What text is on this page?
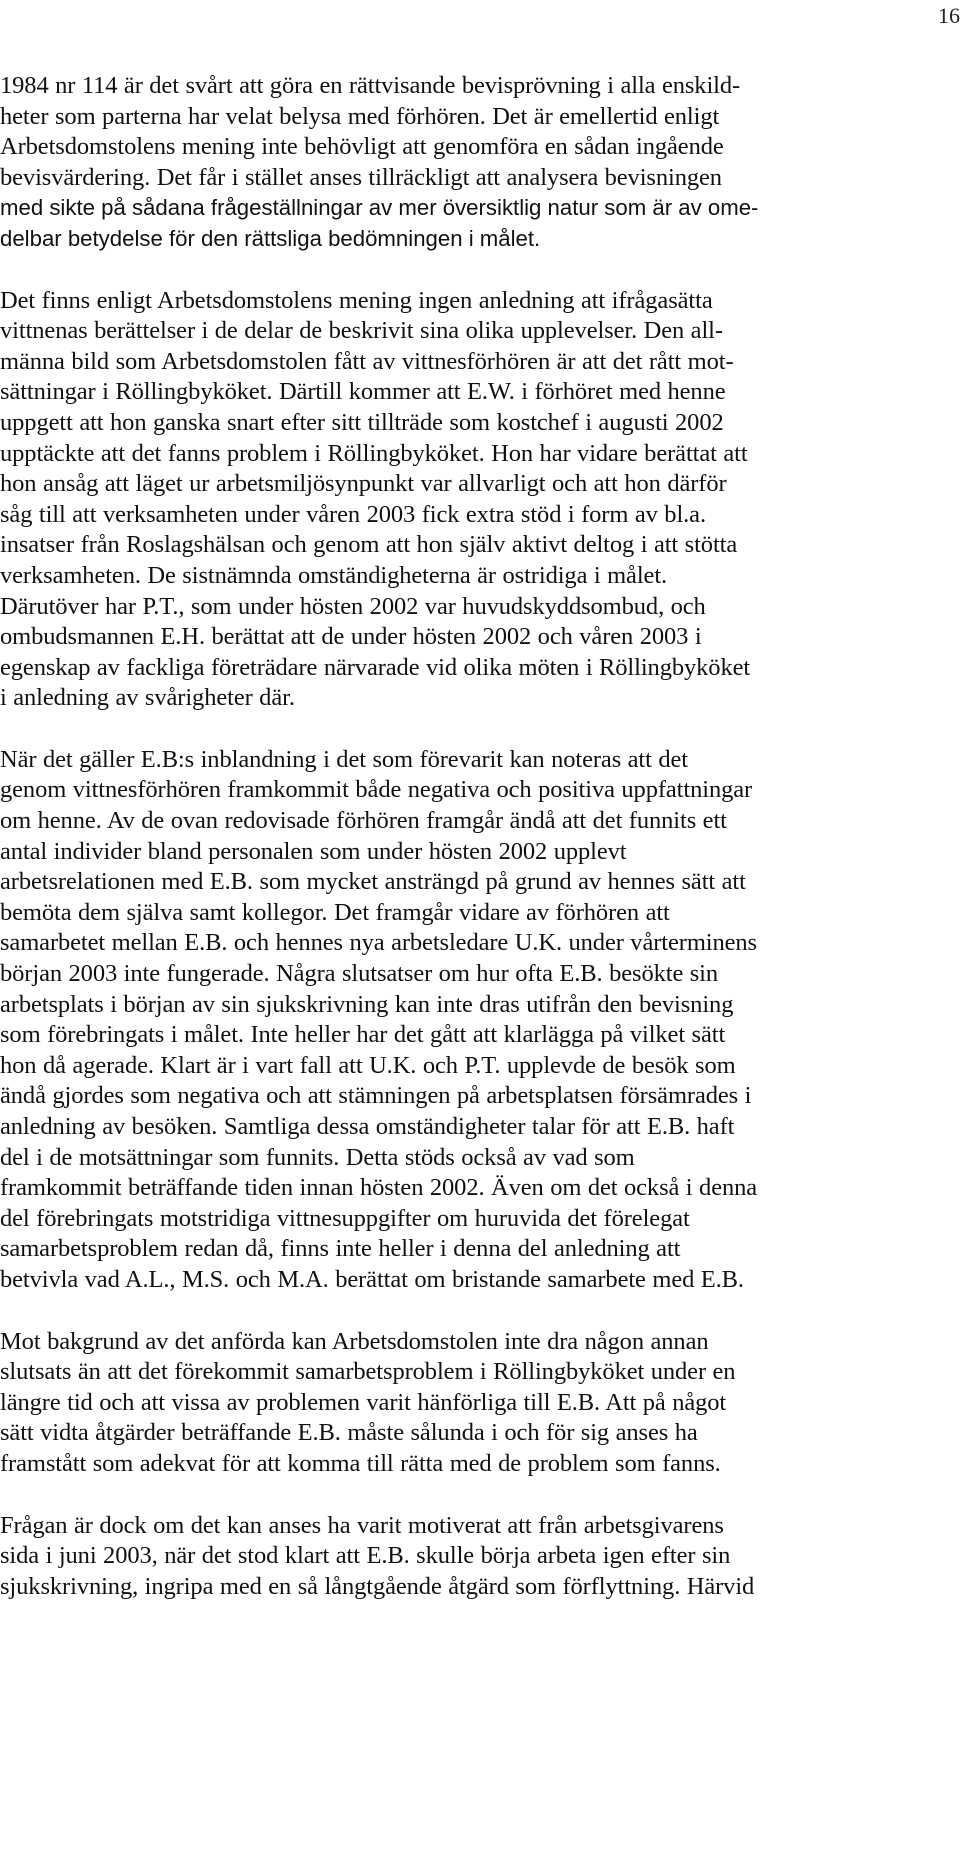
16

1984 nr 114 är det svårt att göra en rättvisande bevisprövning i alla enskild-
heter som parterna har velat belysa med förhören. Det är emellertid enligt
Arbetsdomstolens mening inte behövligt att genomföra en sådan ingående
bevisvärdering. Det får i stället anses tillräckligt att analysera bevisningen
med sikte på sådana frågeställningar av mer översiktlig natur som är av ome-
delbar betydelse för den rättsliga bedömningen i målet.

Det finns enligt Arbetsdomstolens mening ingen anledning att ifrågasätta
vittnenas berättelser i de delar de beskrivit sina olika upplevelser. Den all-
männa bild som Arbetsdomstolen fått av vittnesförhören är att det rått mot-
sättningar i Röllingbyköket. Därtill kommer att E.W. i förhöret med henne
uppgett att hon ganska snart efter sitt tillträde som kostchef i augusti 2002
upptäckte att det fanns problem i Röllingbyköket. Hon har vidare berättat att
hon ansåg att läget ur arbetsmiljösynpunkt var allvarligt och att hon därför
såg till att verksamheten under våren 2003 fick extra stöd i form av bl.a.
insatser från Roslagshälsan och genom att hon själv aktivt deltog i att stötta
verksamheten. De sistnämnda omständigheterna är ostridiga i målet.
Därutöver har P.T., som under hösten 2002 var huvudskyddsombud, och
ombudsmannen E.H. berättat att de under hösten 2002 och våren 2003 i
egenskap av fackliga företrädare närvarade vid olika möten i Röllingbyköket
i anledning av svårigheter där.

När det gäller E.B:s inblandning i det som förevarit kan noteras att det
genom vittnesförhören framkommit både negativa och positiva uppfattningar
om henne. Av de ovan redovisade förhören framgår ändå att det funnits ett
antal individer bland personalen som under hösten 2002 upplevt
arbetsrelationen med E.B. som mycket ansträngd på grund av hennes sätt att
bemöta dem själva samt kollegor. Det framgår vidare av förhören att
samarbetet mellan E.B. och hennes nya arbetsledare U.K. under vårterminens
början 2003 inte fungerade. Några slutsatser om hur ofta E.B. besökte sin
arbetsplats i början av sin sjukskrivning kan inte dras utifrån den bevisning
som förebringats i målet. Inte heller har det gått att klarlägga på vilket sätt
hon då agerade. Klart är i vart fall att U.K. och P.T. upplevde de besök som
ändå gjordes som negativa och att stämningen på arbetsplatsen försämrades i
anledning av besöken. Samtliga dessa omständigheter talar för att E.B. haft
del i de motsättningar som funnits. Detta stöds också av vad som
framkommit beträffande tiden innan hösten 2002. Även om det också i denna
del förebringats motstridiga vittnesuppgifter om huruvida det förelegat
samarbetsproblem redan då, finns inte heller i denna del anledning att
betvivla vad A.L., M.S. och M.A. berättat om bristande samarbete med E.B.

Mot bakgrund av det anförda kan Arbetsdomstolen inte dra någon annan
slutsats än att det förekommit samarbetsproblem i Röllingbyköket under en
längre tid och att vissa av problemen varit hänförliga till E.B. Att på något
sätt vidta åtgärder beträffande E.B. måste sålunda i och för sig anses ha
framstått som adekvat för att komma till rätta med de problem som fanns.

Frågan är dock om det kan anses ha varit motiverat att från arbetsgivarens
sida i juni 2003, när det stod klart att E.B. skulle börja arbeta igen efter sin
sjukskrivning, ingripa med en så långtgående åtgärd som förflyttning. Härvid
